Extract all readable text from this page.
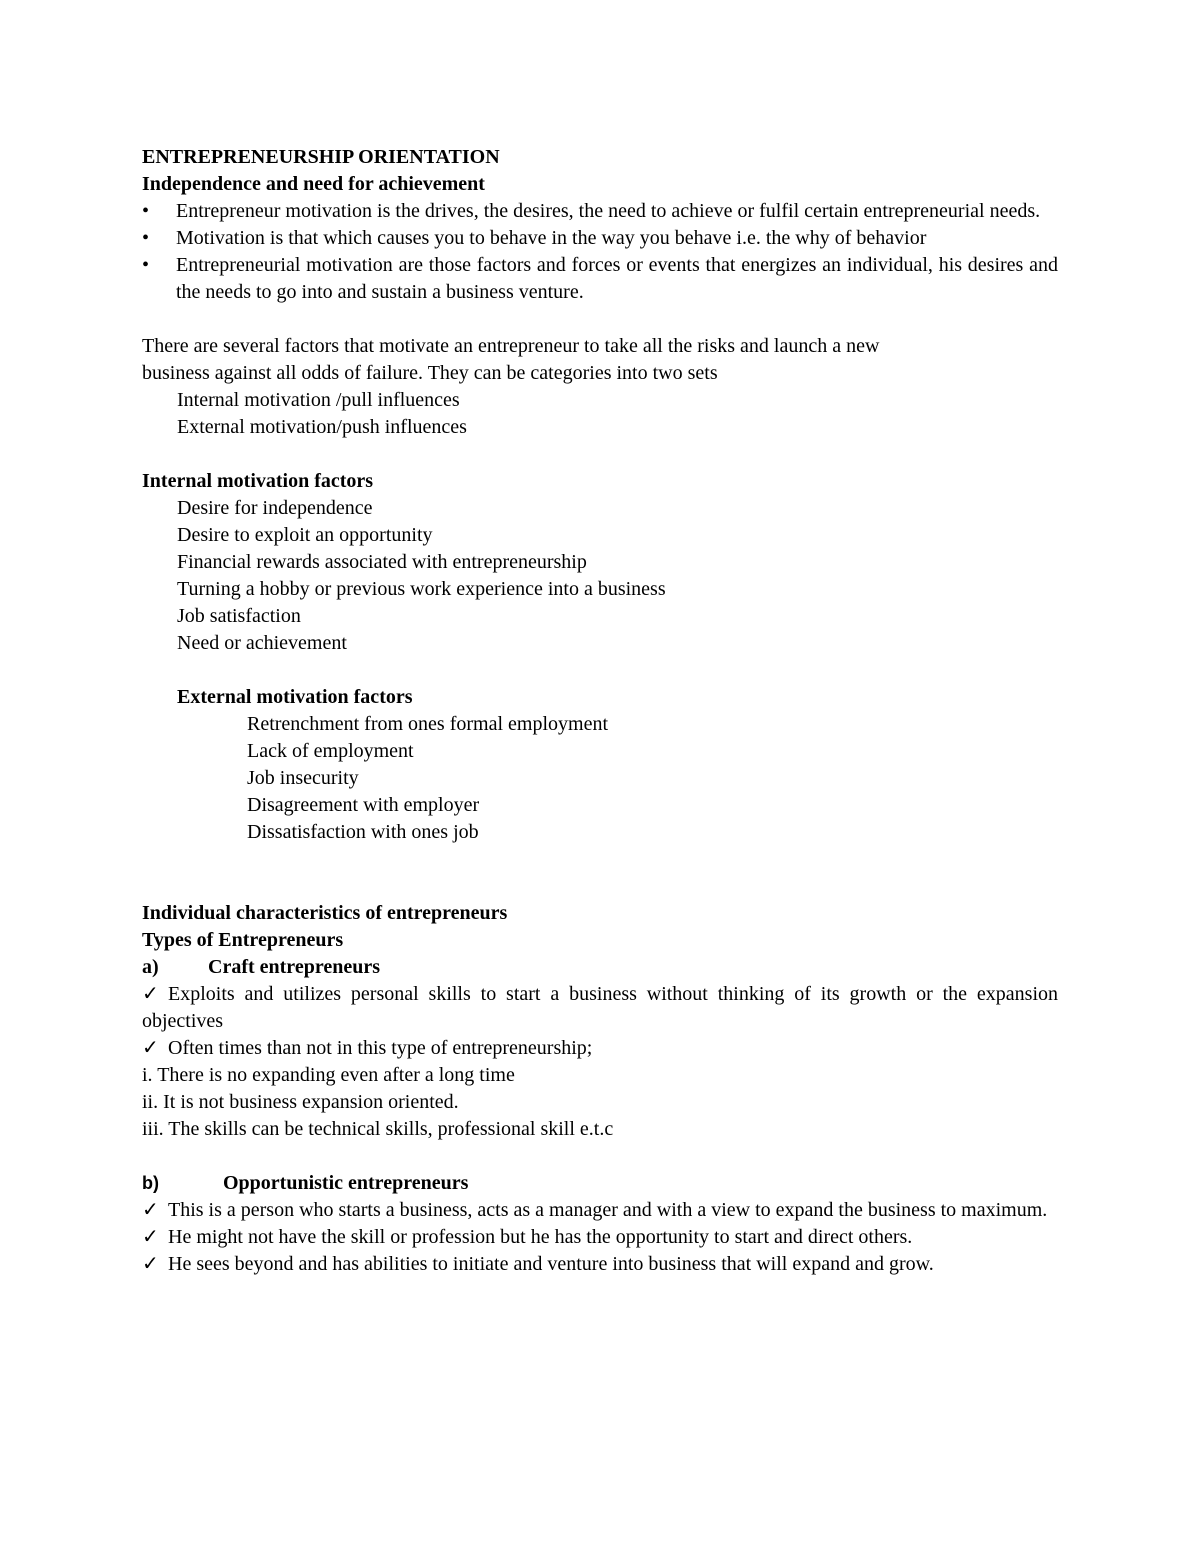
ENTREPRENEURSHIP ORIENTATION
Independence and need for achievement
•	Entrepreneur motivation is the drives, the desires, the need to achieve or fulfil certain entrepreneurial needs.
•	Motivation is that which causes you to behave in the way you behave i.e. the why of behavior
•	Entrepreneurial motivation are those factors and forces or events that energizes an individual, his desires and the needs to go into and sustain a business venture.
There are several factors that motivate an entrepreneur to take all the risks and launch a new
business against all odds of failure. They can be categories into two sets
Internal motivation /pull influences
External motivation/push influences
Internal motivation factors
Desire for independence
Desire to exploit an opportunity
Financial rewards associated with entrepreneurship
Turning a hobby or previous work experience into a business
Job satisfaction
Need or achievement
External motivation factors
Retrenchment from ones formal employment
Lack of employment
Job insecurity
Disagreement with employer
Dissatisfaction with ones job
Individual characteristics of entrepreneurs
Types of Entrepreneurs
a)	Craft entrepreneurs
✓ Exploits and utilizes personal skills to start a business without thinking of its growth or the expansion objectives
✓ Often times than not in this type of entrepreneurship;
i. There is no expanding even after a long time
ii. It is not business expansion oriented.
iii. The skills can be technical skills, professional skill e.t.c
b)	Opportunistic entrepreneurs
✓ This is a person who starts a business, acts as a manager and with a view to expand the business to maximum.
✓ He might not have the skill or profession but he has the opportunity to start and direct others.
✓ He sees beyond and has abilities to initiate and venture into business that will expand and grow.
